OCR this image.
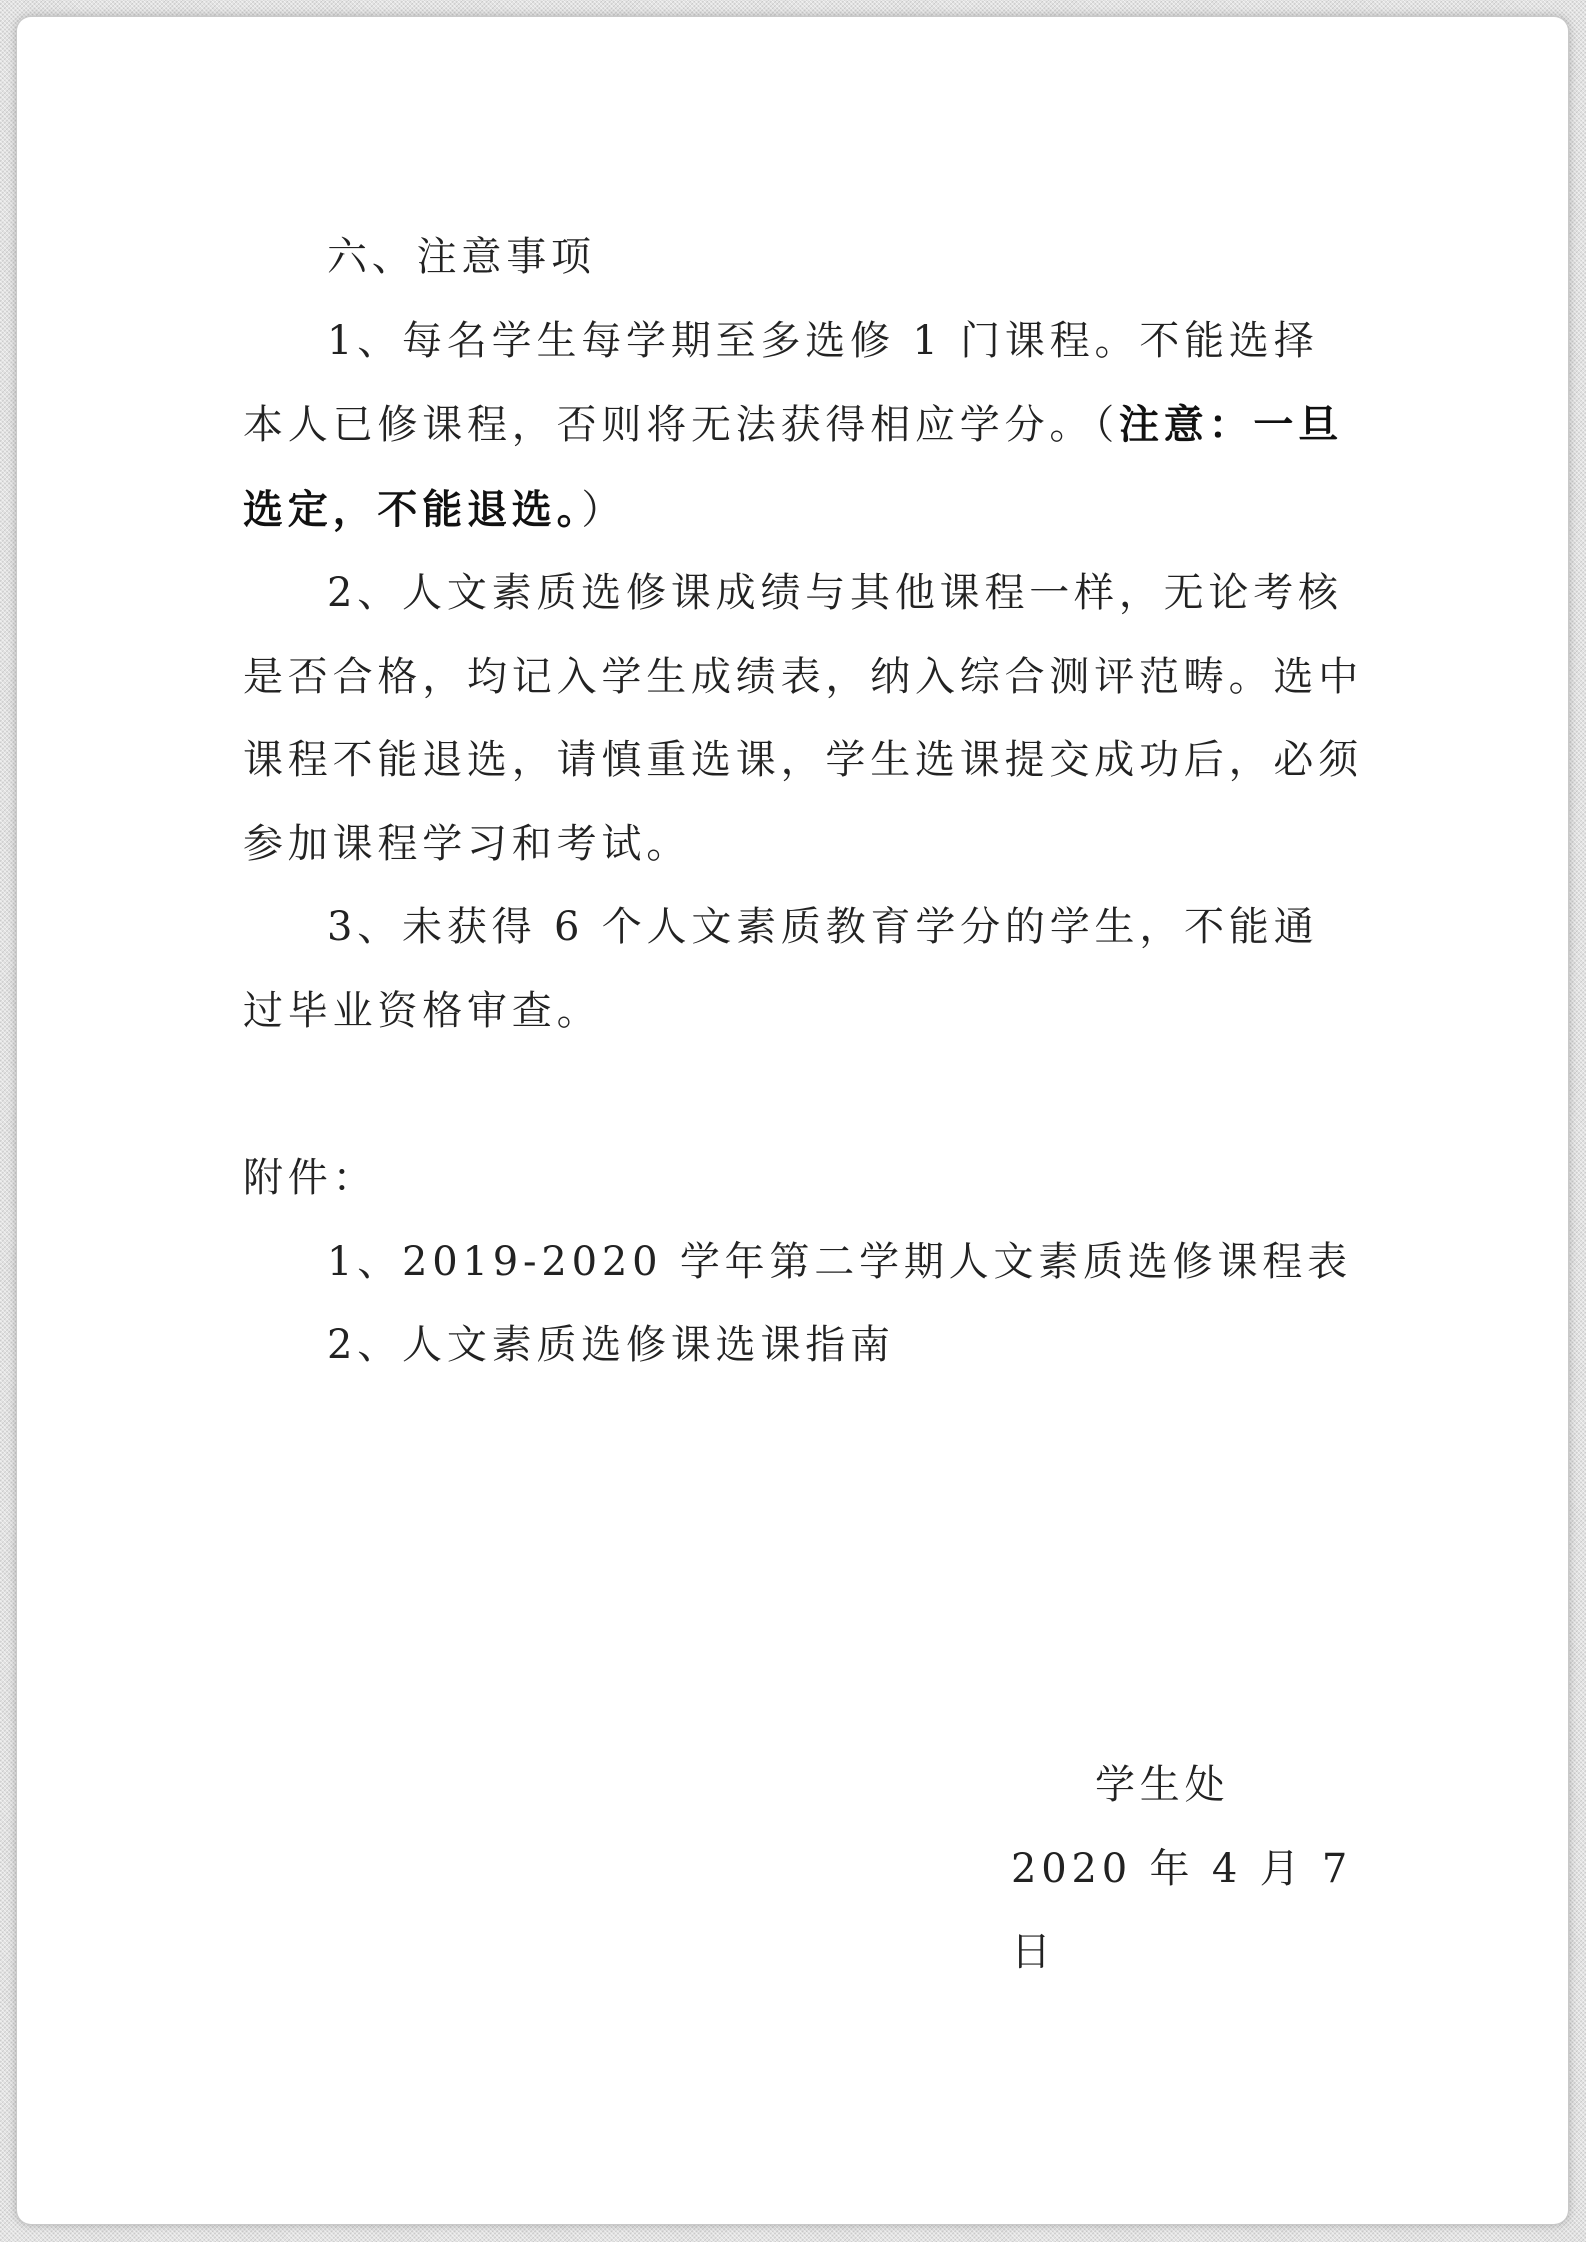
六、注意事项

1、每名学生每学期至多选修 1 门课程。不能选择本人已修课程，否则将无法获得相应学分。（注意：一旦选定，不能退选。）

2、人文素质选修课成绩与其他课程一样，无论考核是否合格，均记入学生成绩表，纳入综合测评范畴。选中课程不能退选，请慎重选课，学生选课提交成功后，必须参加课程学习和考试。

3、未获得 6 个人文素质教育学分的学生，不能通过毕业资格审查。

附件：

1、2019-2020 学年第二学期人文素质选修课程表

2、人文素质选修课选课指南

学生处

2020 年 4 月 7 日
